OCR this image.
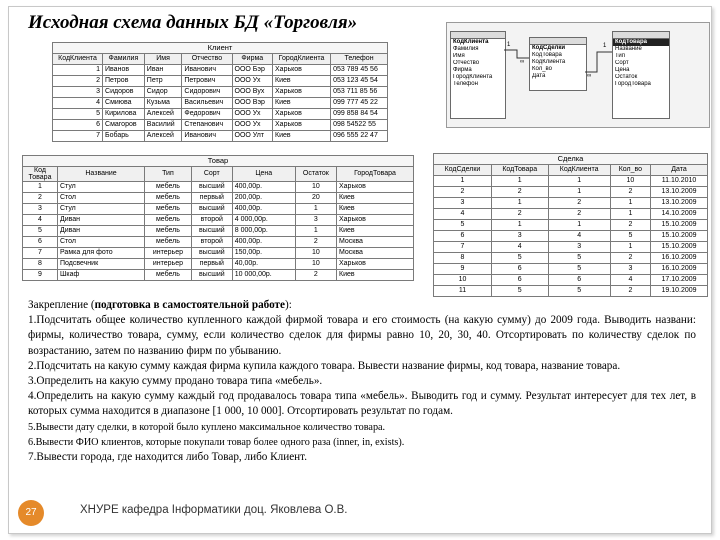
Исходная схема данных БД «Торговля»
Клиент
КодКлиента	Фамилия	Имя	Отчество	Фирма	ГородКлиента	Телефон
1	Иванов	Иван	Иванович	ООО Бэр	Харьков	053 789 45 56
2	Петров	Петр	Петрович	ООО Ух	Киев	053 123 45 54
3	Сидоров	Сидор	Сидорович	ООО Вух	Харьков	053 711 85 56
4	Смиюва	Кузьма	Васильевич	ООО Вэр	Киев	099 777 45 22
5	Кирилова	Алексей	Федорович	ООО Ух	Харьков	099 858 84 54
6	Смагоров	Василий	Степанович	ООО Ух	Харьков	098 54522 55
7	Бобарь	Алексей	Иванович	ООО Улт	Киев	096 555 22 47
КодКлиента
Фамилия
Имя
Отчество
Фирма
ГородКлиента
Телефон
КодСделки
КодТовара
КодКлиента
Кол_во
Дата
КодТовара
Название
Тип
Сорт
Цена
Остаток
ГородТовара
1
∞
∞
1
Товар
Код Товара	Название	Тип	Сорт	Цена	Остаток	ГородТовара
1	Стул	мебель	высший	400,00р.	10	Харьков
2	Стол	мебель	первый	200,00р.	20	Киев
3	Стул	мебель	высший	400,00р.	1	Киев
4	Диван	мебель	второй	4 000,00р.	3	Харьков
5	Диван	мебель	высший	8 000,00р.	1	Киев
6	Стол	мебель	второй	400,00р.	2	Москва
7	Рамка для фото	интерьер	высший	150,00р.	10	Москва
8	Подсвечник	интерьер	первый	40,00р.	10	Харьков
9	Шкаф	мебель	высший	10 000,00р.	2	Киев
Сделка
КодСделки	КодТовара	КодКлиента	Кол_во	Дата
1	1	1	10	11.10.2010
2	2	1	2	13.10.2009
3	1	2	1	13.10.2009
4	2	2	1	14.10.2009
5	1	1	2	15.10.2009
6	3	4	5	15.10.2009
7	4	3	1	15.10.2009
8	5	5	2	16.10.2009
9	6	5	3	16.10.2009
10	6	6	4	17.10.2009
11	5	5	2	19.10.2009

Закрепление (подготовка в самостоятельной работе):

1.Подсчитать общее количество купленного каждой фирмой товара и его стоимость (на какую сумму) до 2009 года. Выводить названи: фирмы, количество товара, сумму, если количество сделок для фирмы равно 10, 20, 30, 40. Отсортировать по количеству сделок по возрастанию, затем по названию фирм по убыванию.

2.Подсчитать на какую сумму каждая фирма купила каждого товара. Вывести название фирмы, код товара, название товара.

3.Определить на какую сумму продано товара типа «мебель».

4.Определить на какую сумму каждый год продавалось товара типа «мебель». Выводить год и сумму. Результат интересует для тех лет, в которых сумма находится в диапазоне [1 000, 10 000]. Отсортировать результат по годам.

5.Вывести дату сделки, в которой было куплено максимальное количество товара.

6.Вывести ФИО клиентов, которые покупали товар более одного раза (inner, in, exists).

7.Вывести города, где находится либо Товар, либо Клиент.

27	ХНУРЕ кафедра Інформатики доц. Яковлева О.В.
